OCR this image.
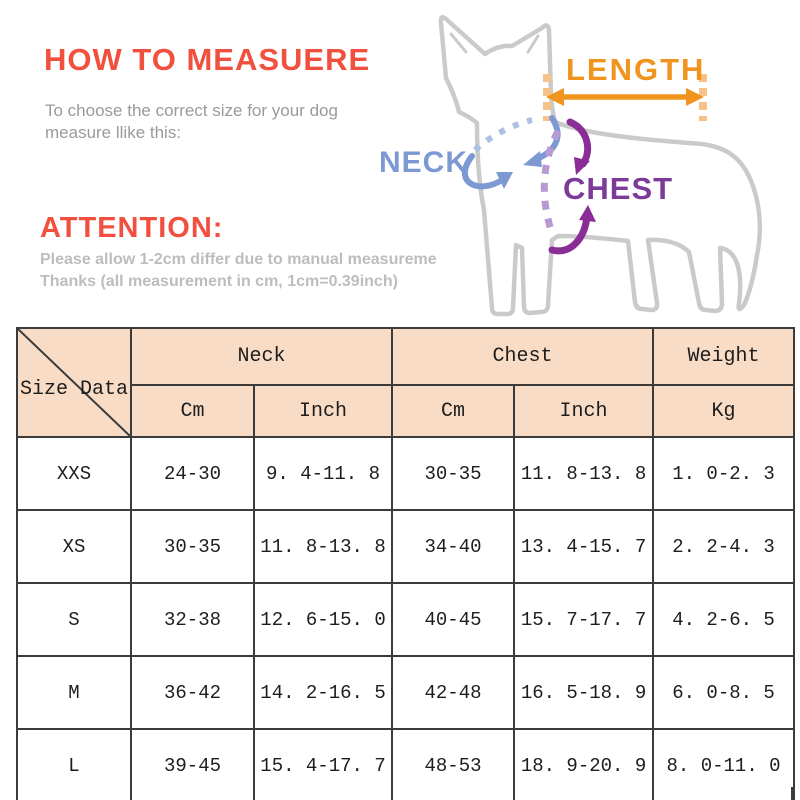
HOW TO MEASUERE
To choose the correct size for your dog
measure llike this:
ATTENTION:
Please allow 1-2cm differ due to manual measureme
Thanks (all measurement in cm, 1cm=0.39inch)
LENGTH
NECK
CHEST
Size Data	Neck		Chest		Weight
	Cm	Inch	Cm	Inch	Kg
XXS	24-30	9. 4-11. 8	30-35	11. 8-13. 8	1. 0-2. 3
XS	30-35	11. 8-13. 8	34-40	13. 4-15. 7	2. 2-4. 3
S	32-38	12. 6-15. 0	40-45	15. 7-17. 7	4. 2-6. 5
M	36-42	14. 2-16. 5	42-48	16. 5-18. 9	6. 0-8. 5
L	39-45	15. 4-17. 7	48-53	18. 9-20. 9	8. 0-11. 0
